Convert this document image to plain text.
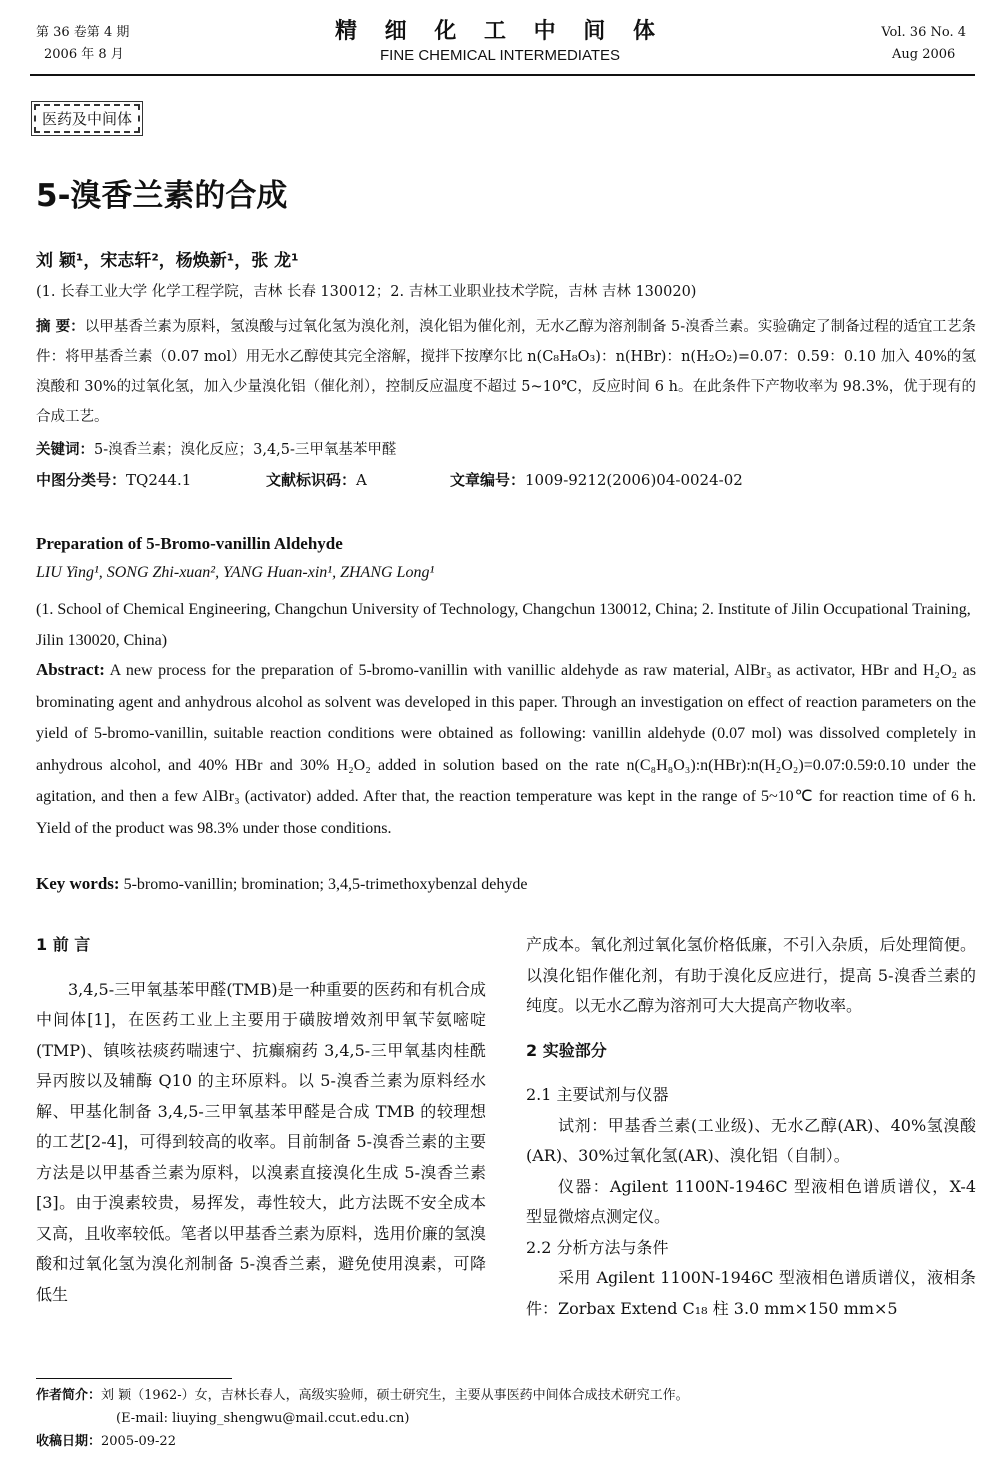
第 36 卷第 4 期
2006 年 8 月
精 细 化 工 中 间 体
FINE CHEMICAL INTERMEDIATES
Vol. 36 No. 4
Aug 2006
医药及中间体
5-溴香兰素的合成
刘 颖¹，宋志轩²，杨焕新¹，张 龙¹
(1. 长春工业大学 化学工程学院，吉林 长春 130012；2. 吉林工业职业技术学院，吉林 吉林 130020)
摘 要：以甲基香兰素为原料，氢溴酸与过氧化氢为溴化剂，溴化铝为催化剂，无水乙醇为溶剂制备 5-溴香兰素。实验确定了制备过程的适宜工艺条件：将甲基香兰素（0.07 mol）用无水乙醇使其完全溶解，搅拌下按摩尔比 n(C₈H₈O₃)：n(HBr)：n(H₂O₂)=0.07：0.59：0.10 加入 40%的氢溴酸和 30%的过氧化氢，加入少量溴化铝（催化剂），控制反应温度不超过 5~10℃，反应时间 6 h。在此条件下产物收率为 98.3%，优于现有的合成工艺。
关键词：5-溴香兰素；溴化反应；3,4,5-三甲氧基苯甲醛
中图分类号：TQ244.1	文献标识码：A	文章编号：1009-9212(2006)04-0024-02
Preparation of 5-Bromo-vanillin Aldehyde
LIU Ying¹, SONG Zhi-xuan², YANG Huan-xin¹, ZHANG Long¹
(1. School of Chemical Engineering, Changchun University of Technology, Changchun 130012, China; 2. Institute of Jilin Occupational Training, Jilin 130020, China)
Abstract: A new process for the preparation of 5-bromo-vanillin with vanillic aldehyde as raw material, AlBr₃ as activator, HBr and H₂O₂ as brominating agent and anhydrous alcohol as solvent was developed in this paper. Through an investigation on effect of reaction parameters on the yield of 5-bromo-vanillin, suitable reaction conditions were obtained as following: vanillin aldehyde (0.07 mol) was dissolved completely in anhydrous alcohol, and 40% HBr and 30% H₂O₂ added in solution based on the rate n(C₈H₈O₃):n(HBr):n(H₂O₂)=0.07:0.59:0.10 under the agitation, and then a few AlBr₃ (activator) added. After that, the reaction temperature was kept in the range of 5~10℃ for reaction time of 6 h. Yield of the product was 98.3% under those conditions.
Key words: 5-bromo-vanillin; bromination; 3,4,5-trimethoxybenzal dehyde
1 前 言

3,4,5-三甲氧基苯甲醛(TMB)是一种重要的医药和有机合成中间体[1]，在医药工业上主要用于磺胺增效剂甲氧苄氨嘧啶(TMP)、镇咳祛痰药喘速宁、抗癫痫药 3,4,5-三甲氧基肉桂酰异丙胺以及辅酶 Q10 的主环原料。以 5-溴香兰素为原料经水解、甲基化制备 3,4,5-三甲氧基苯甲醛是合成 TMB 的较理想的工艺[2-4]，可得到较高的收率。目前制备 5-溴香兰素的主要方法是以甲基香兰素为原料，以溴素直接溴化生成 5-溴香兰素[3]。由于溴素较贵，易挥发，毒性较大，此方法既不安全成本又高，且收率较低。笔者以甲基香兰素为原料，选用价廉的氢溴酸和过氧化氢为溴化剂制备 5-溴香兰素，避免使用溴素，可降低生

产成本。氧化剂过氧化氢价格低廉，不引入杂质，后处理简便。以溴化铝作催化剂，有助于溴化反应进行，提高 5-溴香兰素的纯度。以无水乙醇为溶剂可大大提高产物收率。

2 实验部分
2.1 主要试剂与仪器

试剂：甲基香兰素(工业级)、无水乙醇(AR)、40%氢溴酸(AR)、30%过氧化氢(AR)、溴化铝（自制）。

仪器：Agilent 1100N-1946C 型液相色谱质谱仪，X-4 型显微熔点测定仪。

2.2 分析方法与条件

采用 Agilent 1100N-1946C 型液相色谱质谱仪，液相条件：Zorbax Extend C₁₈ 柱 3.0 mm×150 mm×5

作者简介：刘 颖（1962-）女，吉林长春人，高级实验师，硕士研究生，主要从事医药中间体合成技术研究工作。
(E-mail: liuying_shengwu@mail.ccut.edu.cn)
收稿日期：2005-09-22
